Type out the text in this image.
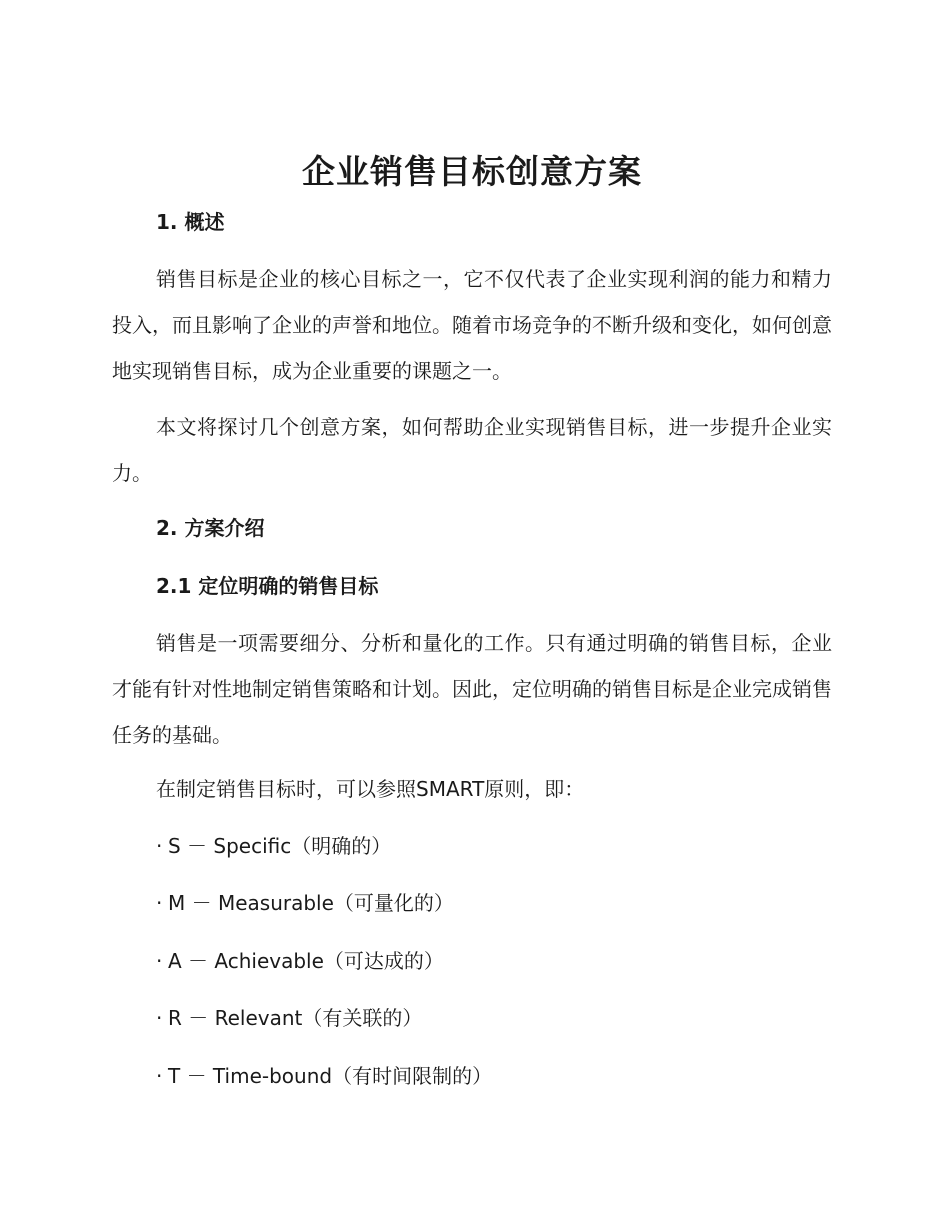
企业销售目标创意方案
1. 概述

销售目标是企业的核心目标之一，它不仅代表了企业实现利润的能力和精力投入，而且影响了企业的声誉和地位。随着市场竞争的不断升级和变化，如何创意地实现销售目标，成为企业重要的课题之一。

本文将探讨几个创意方案，如何帮助企业实现销售目标，进一步提升企业实力。

2. 方案介绍
2.1 定位明确的销售目标

销售是一项需要细分、分析和量化的工作。只有通过明确的销售目标，企业才能有针对性地制定销售策略和计划。因此，定位明确的销售目标是企业完成销售任务的基础。

在制定销售目标时，可以参照SMART原则，即：

· S － Specific（明确的）

· M － Measurable（可量化的）

· A － Achievable（可达成的）

· R － Relevant（有关联的）

· T － Time-bound（有时间限制的）
